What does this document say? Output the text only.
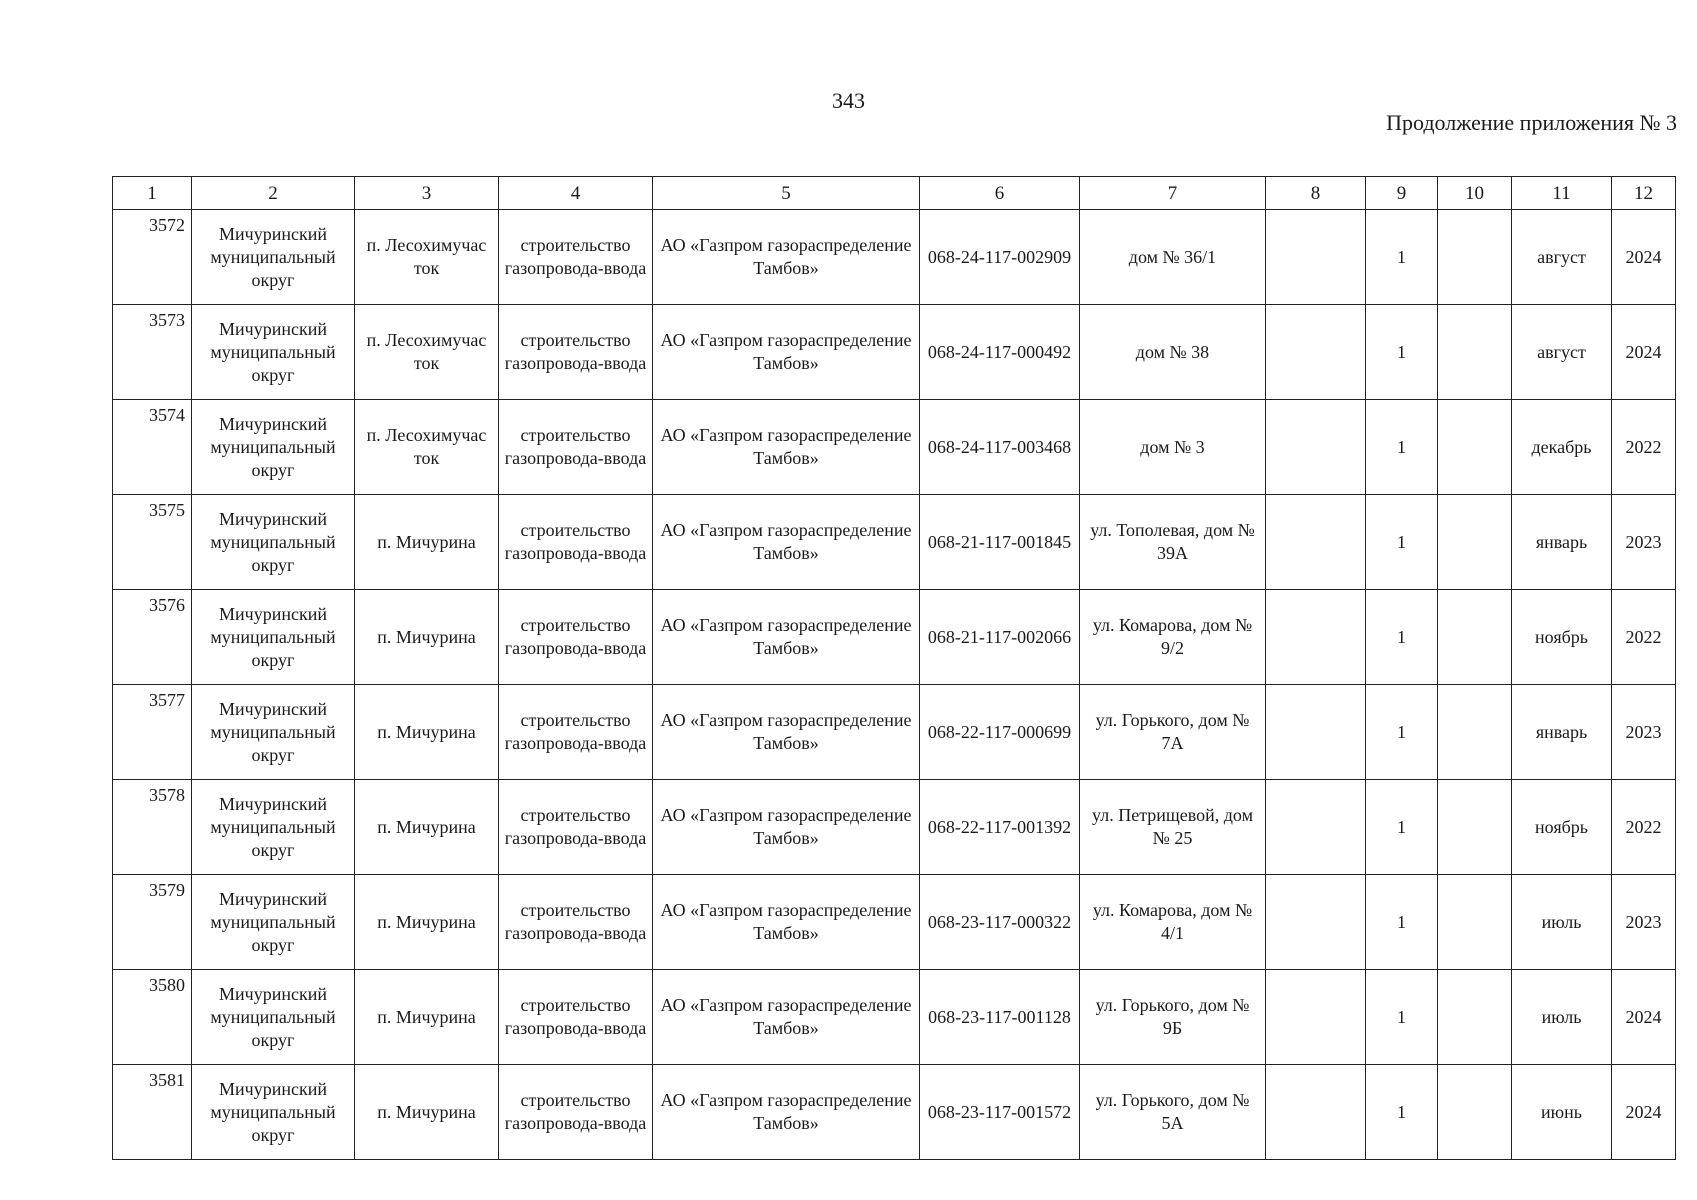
343
Продолжение приложения № 3
1	2	3	4	5	6	7	8	9	10	11	12
3572	Мичуринский муниципальный округ	п. Лесохимучас ток	строительство газопровода-ввода	АО «Газпром газораспределение Тамбов»	068-24-117-002909	дом № 36/1		1		август	2024
3573	Мичуринский муниципальный округ	п. Лесохимучас ток	строительство газопровода-ввода	АО «Газпром газораспределение Тамбов»	068-24-117-000492	дом № 38		1		август	2024
3574	Мичуринский муниципальный округ	п. Лесохимучас ток	строительство газопровода-ввода	АО «Газпром газораспределение Тамбов»	068-24-117-003468	дом № 3		1		декабрь	2022
3575	Мичуринский муниципальный округ	п. Мичурина	строительство газопровода-ввода	АО «Газпром газораспределение Тамбов»	068-21-117-001845	ул. Тополевая, дом № 39А		1		январь	2023
3576	Мичуринский муниципальный округ	п. Мичурина	строительство газопровода-ввода	АО «Газпром газораспределение Тамбов»	068-21-117-002066	ул. Комарова, дом № 9/2		1		ноябрь	2022
3577	Мичуринский муниципальный округ	п. Мичурина	строительство газопровода-ввода	АО «Газпром газораспределение Тамбов»	068-22-117-000699	ул. Горького, дом № 7А		1		январь	2023
3578	Мичуринский муниципальный округ	п. Мичурина	строительство газопровода-ввода	АО «Газпром газораспределение Тамбов»	068-22-117-001392	ул. Петрищевой, дом № 25		1		ноябрь	2022
3579	Мичуринский муниципальный округ	п. Мичурина	строительство газопровода-ввода	АО «Газпром газораспределение Тамбов»	068-23-117-000322	ул. Комарова, дом № 4/1		1		июль	2023
3580	Мичуринский муниципальный округ	п. Мичурина	строительство газопровода-ввода	АО «Газпром газораспределение Тамбов»	068-23-117-001128	ул. Горького, дом № 9Б		1		июль	2024
3581	Мичуринский муниципальный округ	п. Мичурина	строительство газопровода-ввода	АО «Газпром газораспределение Тамбов»	068-23-117-001572	ул. Горького, дом № 5А		1		июнь	2024
